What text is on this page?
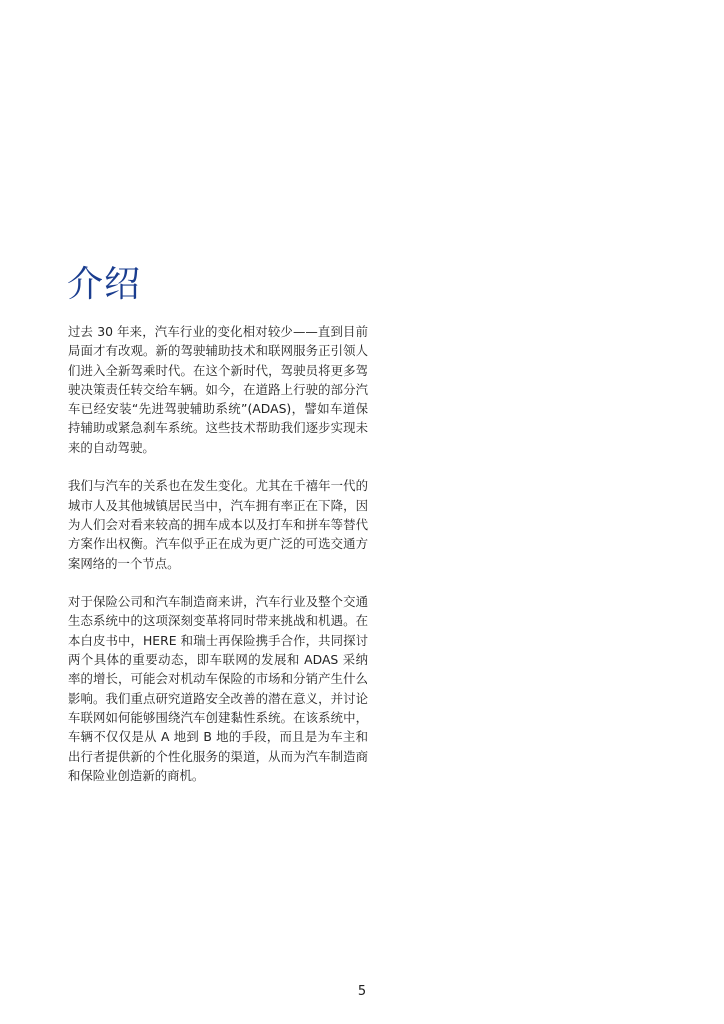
介绍

过去 30 年来，汽车行业的变化相对较少——直到目前局面才有改观。新的驾驶辅助技术和联网服务正引领人们进入全新驾乘时代。在这个新时代，驾驶员将更多驾驶决策责任转交给车辆。如今，在道路上行驶的部分汽车已经安装“先进驾驶辅助系统”(ADAS)，譬如车道保持辅助或紧急刹车系统。这些技术帮助我们逐步实现未来的自动驾驶。

我们与汽车的关系也在发生变化。尤其在千禧年一代的城市人及其他城镇居民当中，汽车拥有率正在下降，因为人们会对看来较高的拥车成本以及打车和拼车等替代方案作出权衡。汽车似乎正在成为更广泛的可选交通方案网络的一个节点。

对于保险公司和汽车制造商来讲，汽车行业及整个交通生态系统中的这项深刻变革将同时带来挑战和机遇。在本白皮书中，HERE 和瑞士再保险携手合作，共同探讨两个具体的重要动态，即车联网的发展和 ADAS 采纳率的增长，可能会对机动车保险的市场和分销产生什么影响。我们重点研究道路安全改善的潜在意义，并讨论车联网如何能够围绕汽车创建黏性系统。在该系统中，车辆不仅仅是从 A 地到 B 地的手段，而且是为车主和出行者提供新的个性化服务的渠道，从而为汽车制造商和保险业创造新的商机。

5
